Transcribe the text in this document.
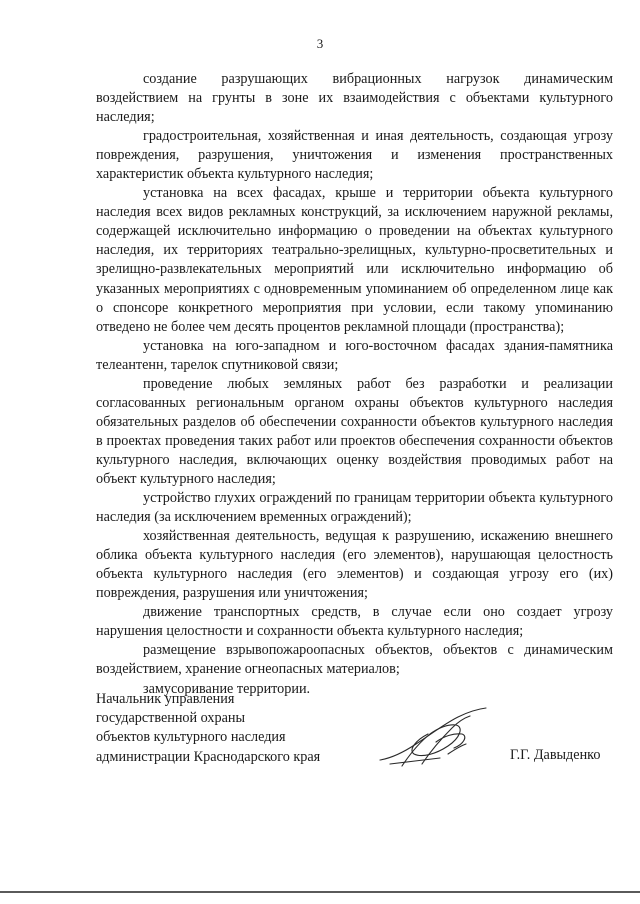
3

создание разрушающих вибрационных нагрузок динамическим воздействием на грунты в зоне их взаимодействия с объектами культурного наследия;

градостроительная, хозяйственная и иная деятельность, создающая угрозу повреждения, разрушения, уничтожения и изменения пространственных характеристик объекта культурного наследия;

установка на всех фасадах, крыше и территории объекта культурного наследия всех видов рекламных конструкций, за исключением наружной рекламы, содержащей исключительно информацию о проведении на объектах культурного наследия, их территориях театрально-зрелищных, культурно-просветительных и зрелищно-развлекательных мероприятий или исключительно информацию об указанных мероприятиях с одновременным упоминанием об определенном лице как о спонсоре конкретного мероприятия при условии, если такому упоминанию отведено не более чем десять процентов рекламной площади (пространства);

установка на юго-западном и юго-восточном фасадах здания-памятника телеантенн, тарелок спутниковой связи;

проведение любых земляных работ без разработки и реализации согласованных региональным органом охраны объектов культурного наследия обязательных разделов об обеспечении сохранности объектов культурного наследия в проектах проведения таких работ или проектов обеспечения сохранности объектов культурного наследия, включающих оценку воздействия проводимых работ на объект культурного наследия;

устройство глухих ограждений по границам территории объекта культурного наследия (за исключением временных ограждений);

хозяйственная деятельность, ведущая к разрушению, искажению внешнего облика объекта культурного наследия (его элементов), нарушающая целостность объекта культурного наследия (его элементов) и создающая угрозу его (их) повреждения, разрушения или уничтожения;

движение транспортных средств, в случае если оно создает угрозу нарушения целостности и сохранности объекта культурного наследия;

размещение взрывопожароопасных объектов, объектов с динамическим воздействием, хранение огнеопасных материалов;

замусоривание территории.

Начальник управления
государственной охраны
объектов культурного наследия
администрации Краснодарского края	Г.Г. Давыденко
